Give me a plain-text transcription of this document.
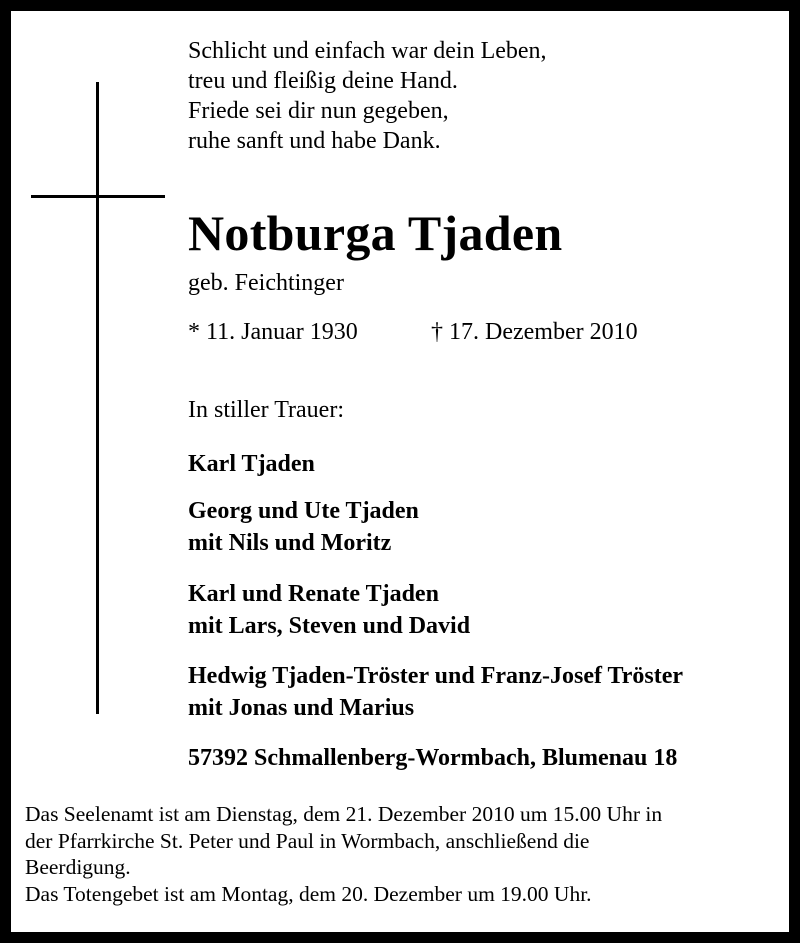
Schlicht und einfach war dein Leben,
treu und fleißig deine Hand.
Friede sei dir nun gegeben,
ruhe sanft und habe Dank.
Notburga Tjaden
geb. Feichtinger
* 11. Januar 1930	† 17. Dezember 2010
In stiller Trauer:
Karl Tjaden
Georg und Ute Tjaden
mit Nils und Moritz
Karl und Renate Tjaden
mit Lars, Steven und David
Hedwig Tjaden-Tröster und Franz-Josef Tröster
mit Jonas und Marius
57392 Schmallenberg-Wormbach, Blumenau 18
Das Seelenamt ist am Dienstag, dem 21. Dezember 2010 um 15.00 Uhr in
der Pfarrkirche St. Peter und Paul in Wormbach, anschließend die
Beerdigung.
Das Totengebet ist am Montag, dem 20. Dezember um 19.00 Uhr.
